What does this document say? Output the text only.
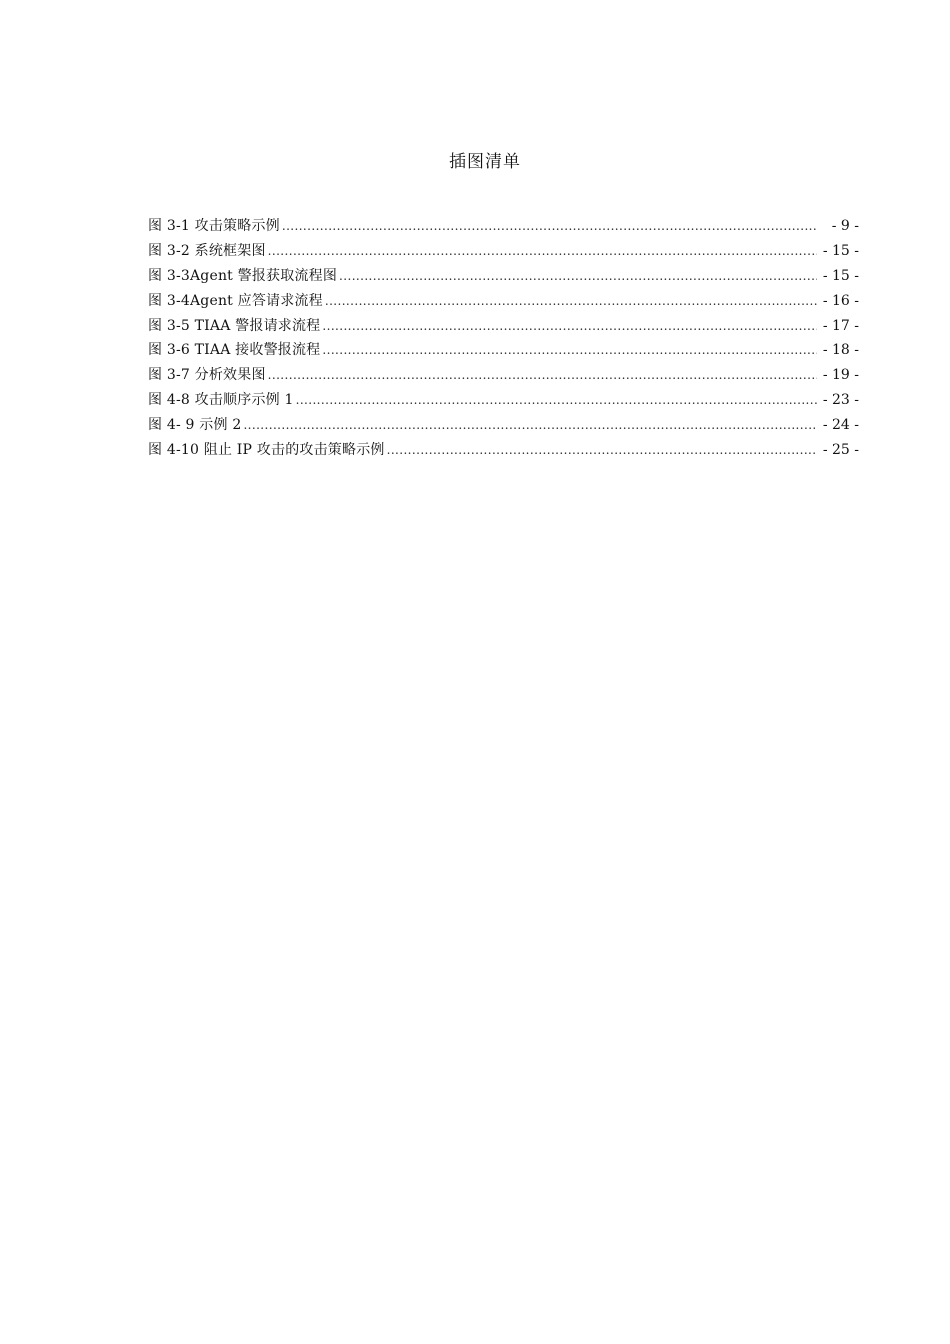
插图清单
图 3-1 攻击策略示例 .....	- 9 -
图 3-2 系统框架图 .....	- 15 -
图 3-3Agent 警报获取流程图 .....	- 15 -
图 3-4Agent 应答请求流程 .....	- 16 -
图 3-5 TIAA 警报请求流程 .....	- 17 -
图 3-6 TIAA 接收警报流程 .....	- 18 -
图 3-7 分析效果图 .....	- 19 -
图 4-8 攻击顺序示例 1 .....	- 23 -
图 4- 9 示例 2 .....	- 24 -
图 4-10 阻止 IP 攻击的攻击策略示例 .....	- 25 -
